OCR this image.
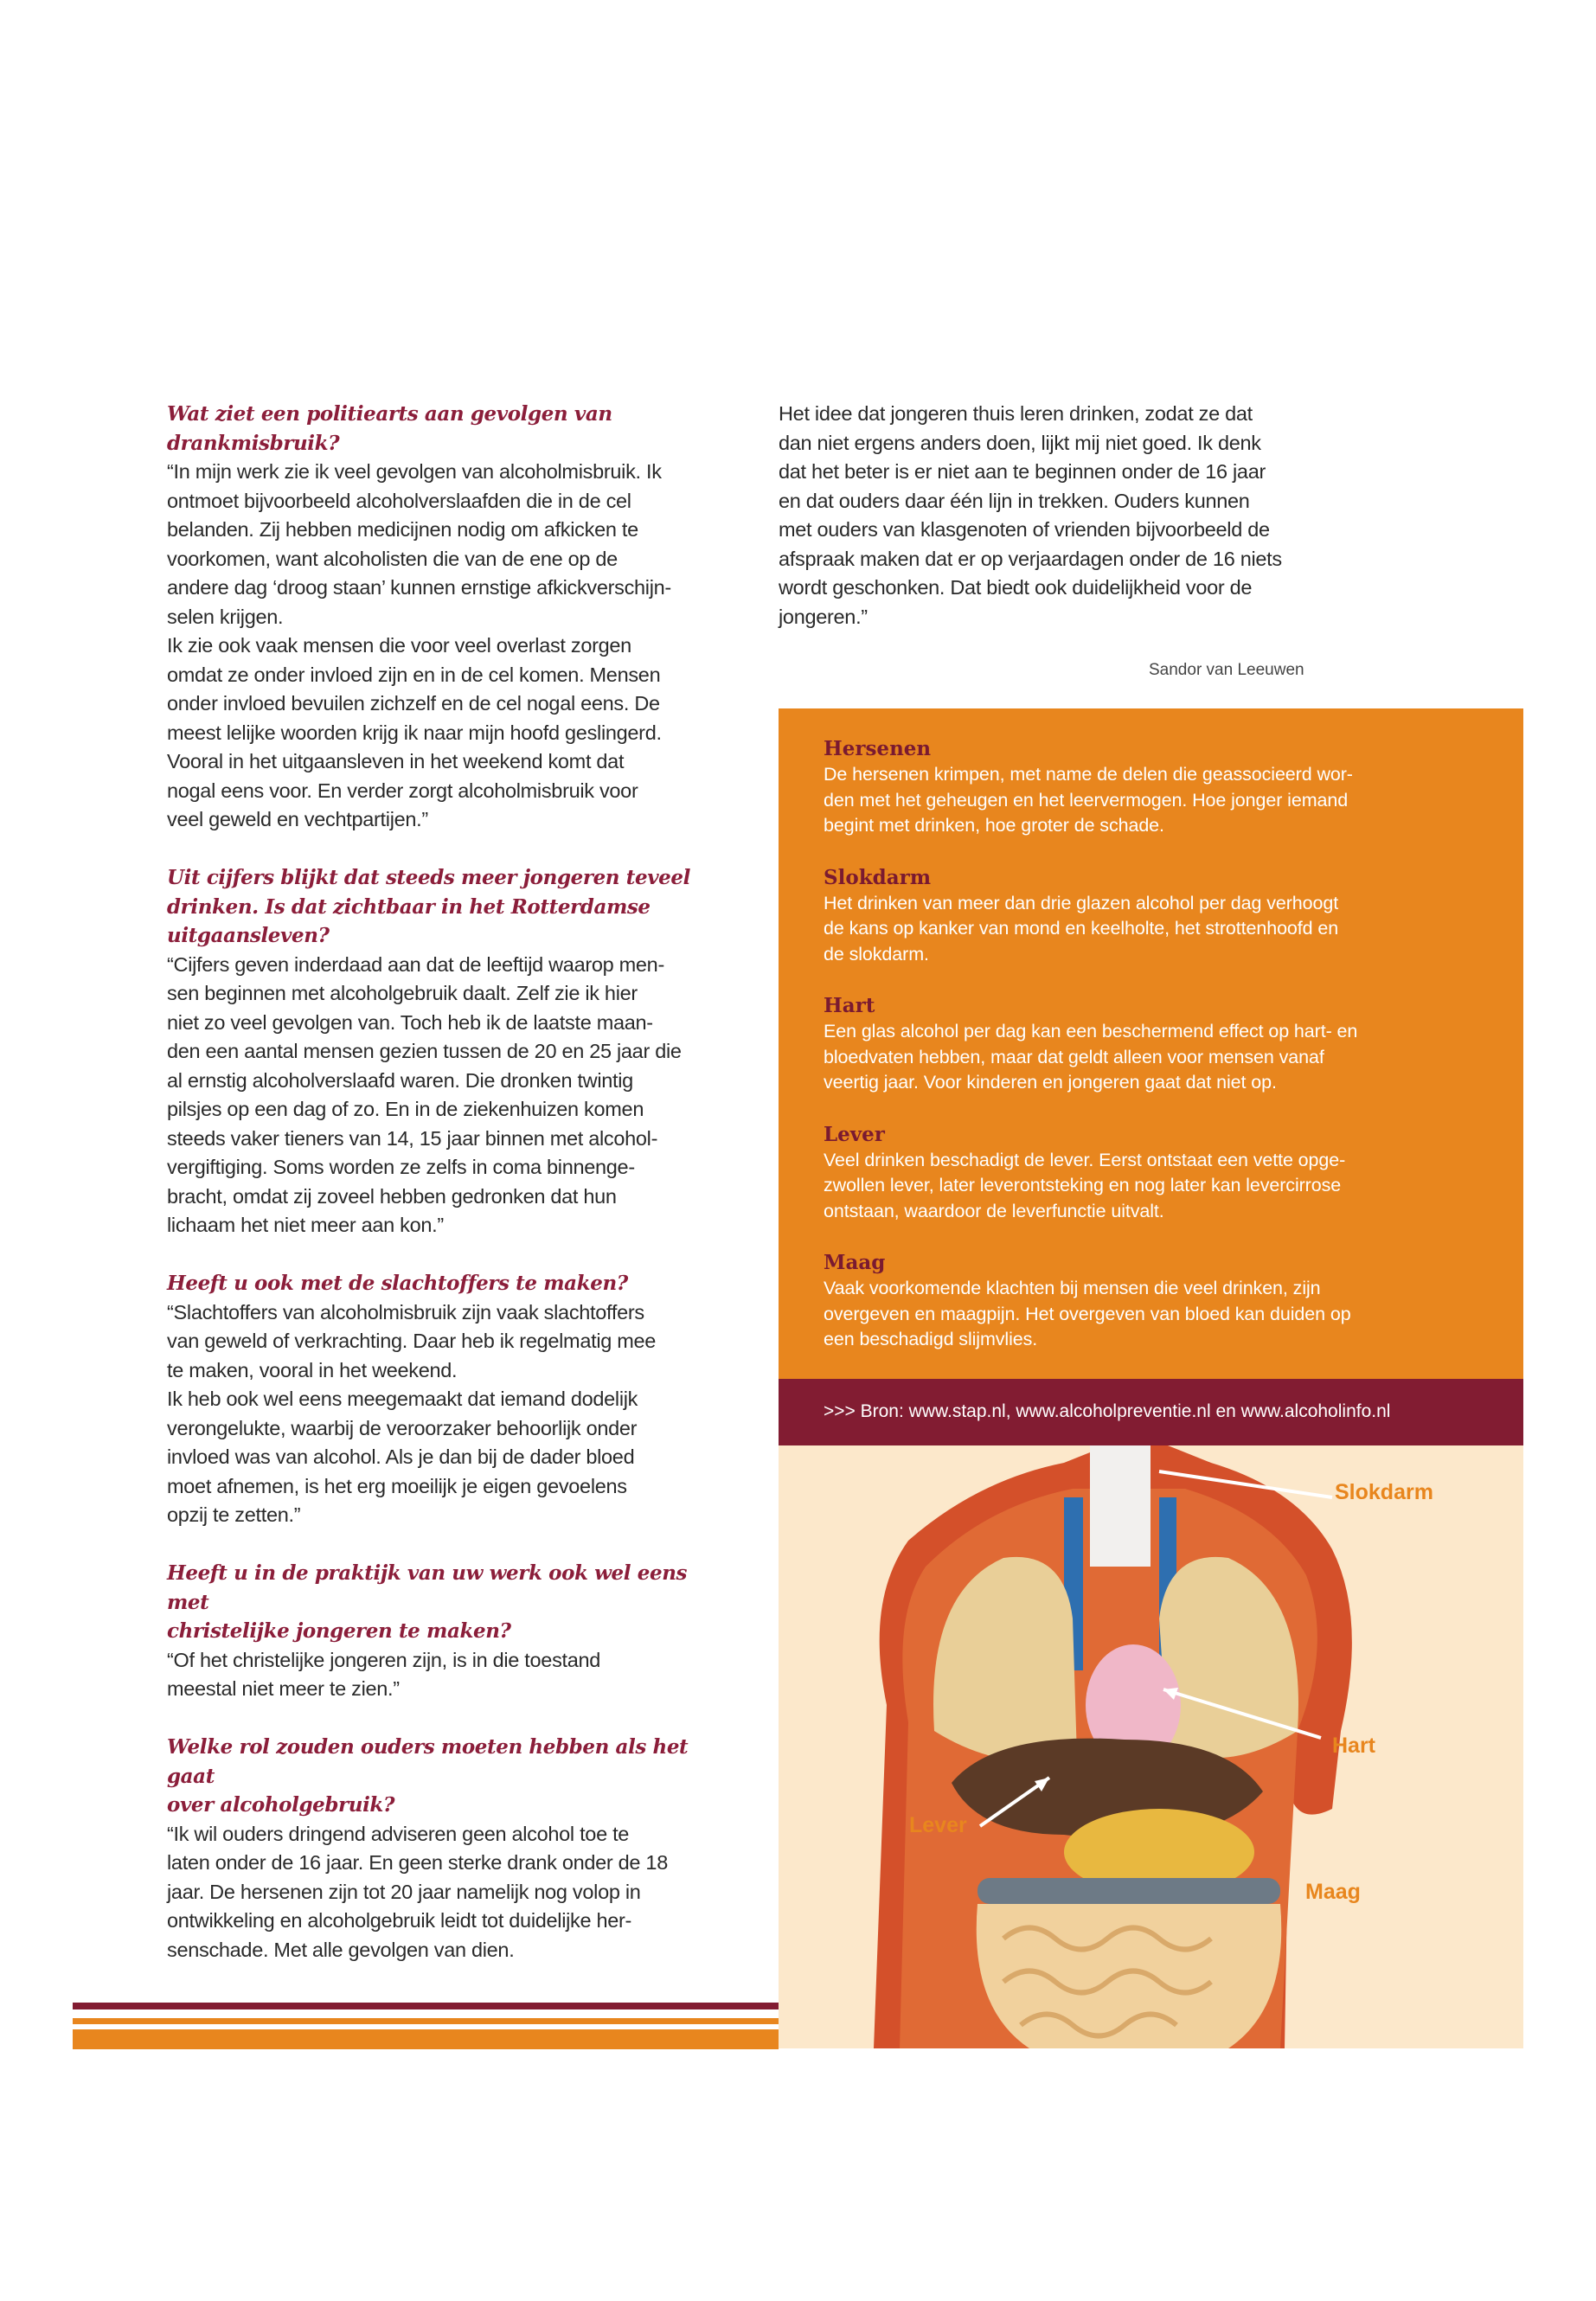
Wat ziet een politiearts aan gevolgen van
drankmisbruik?
“In mijn werk zie ik veel gevolgen van alcoholmisbruik. Ik
ontmoet bijvoorbeeld alcoholverslaafden die in de cel
belanden. Zij hebben medicijnen nodig om afkicken te
voorkomen, want alcoholisten die van de ene op de
andere dag ‘droog staan’ kunnen ernstige afkickverschijn-
selen krijgen.
Ik zie ook vaak mensen die voor veel overlast zorgen
omdat ze onder invloed zijn en in de cel komen. Mensen
onder invloed bevuilen zichzelf en de cel nogal eens. De
meest lelijke woorden krijg ik naar mijn hoofd geslingerd.
Vooral in het uitgaansleven in het weekend komt dat
nogal eens voor. En verder zorgt alcoholmisbruik voor
veel geweld en vechtpartijen.”
Uit cijfers blijkt dat steeds meer jongeren teveel
drinken. Is dat zichtbaar in het Rotterdamse
uitgaansleven?
“Cijfers geven inderdaad aan dat de leeftijd waarop men-
sen beginnen met alcoholgebruik daalt. Zelf zie ik hier
niet zo veel gevolgen van. Toch heb ik de laatste maan-
den een aantal mensen gezien tussen de 20 en 25 jaar die
al ernstig alcoholverslaafd waren. Die dronken twintig
pilsjes op een dag of zo. En in de ziekenhuizen komen
steeds vaker tieners van 14, 15 jaar binnen met alcohol-
vergiftiging. Soms worden ze zelfs in coma binnenge-
bracht, omdat zij zoveel hebben gedronken dat hun
lichaam het niet meer aan kon.”
Heeft u ook met de slachtoffers te maken?
“Slachtoffers van alcoholmisbruik zijn vaak slachtoffers
van geweld of verkrachting. Daar heb ik regelmatig mee
te maken, vooral in het weekend.
Ik heb ook wel eens meegemaakt dat iemand dodelijk
verongelukte, waarbij de veroorzaker behoorlijk onder
invloed was van alcohol. Als je dan bij de dader bloed
moet afnemen, is het erg moeilijk je eigen gevoelens
opzij te zetten.”
Heeft u in de praktijk van uw werk ook wel eens met
christelijke jongeren te maken?
“Of het christelijke jongeren zijn, is in die toestand
meestal niet meer te zien.”
Welke rol zouden ouders moeten hebben als het gaat
over alcoholgebruik?
“Ik wil ouders dringend adviseren geen alcohol toe te
laten onder de 16 jaar. En geen sterke drank onder de 18
jaar. De hersenen zijn tot 20 jaar namelijk nog volop in
ontwikkeling en alcoholgebruik leidt tot duidelijke her-
senschade. Met alle gevolgen van dien.
Het idee dat jongeren thuis leren drinken, zodat ze dat
dan niet ergens anders doen, lijkt mij niet goed. Ik denk
dat het beter is er niet aan te beginnen onder de 16 jaar
en dat ouders daar één lijn in trekken. Ouders kunnen
met ouders van klasgenoten of vrienden bijvoorbeeld de
afspraak maken dat er op verjaardagen onder de 16 niets
wordt geschonken. Dat biedt ook duidelijkheid voor de
jongeren.”
Sandor van Leeuwen
Hersenen
De hersenen krimpen, met name de delen die geassocieerd wor-
den met het geheugen en het leervermogen. Hoe jonger iemand
begint met drinken, hoe groter de schade.
Slokdarm
Het drinken van meer dan drie glazen alcohol per dag verhoogt
de kans op kanker van mond en keelholte, het strottenhoofd en
de slokdarm.
Hart
Een glas alcohol per dag kan een beschermend effect op hart- en
bloedvaten hebben, maar dat geldt alleen voor mensen vanaf
veertig jaar. Voor kinderen en jongeren gaat dat niet op.
Lever
Veel drinken beschadigt de lever. Eerst ontstaat een vette opge-
zwollen lever, later leverontsteking en nog later kan levercirrose
ontstaan, waardoor de leverfunctie uitvalt.
Maag
Vaak voorkomende klachten bij mensen die veel drinken, zijn
overgeven en maagpijn. Het overgeven van bloed kan duiden op
een beschadigd slijmvlies.
>>> Bron: www.stap.nl, www.alcoholpreventie.nl en www.alcoholinfo.nl
Slokdarm
Hart
Lever
Maag
